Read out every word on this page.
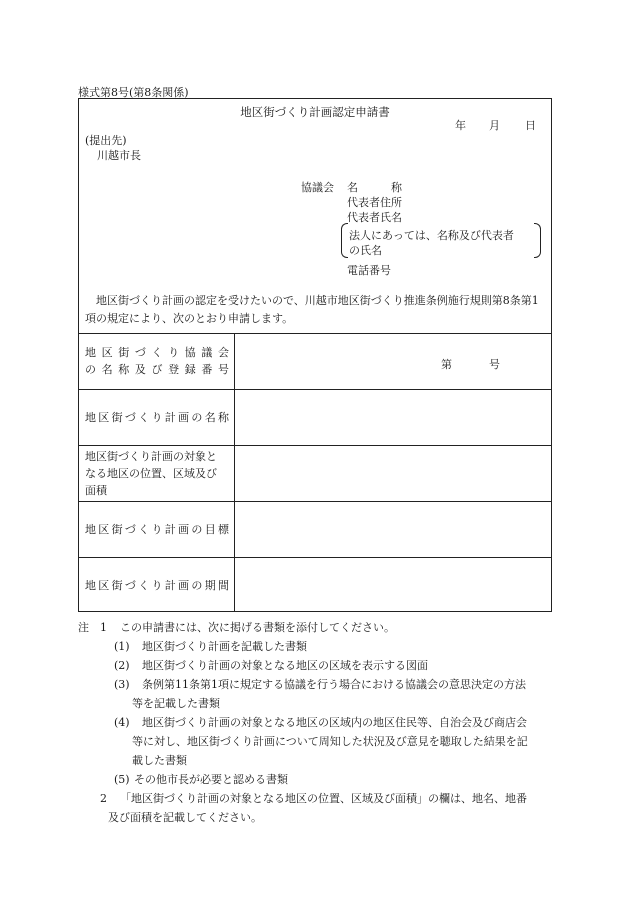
様式第8号(第8条関係)
地区街づくり計画認定申請書
年 月 日
(提出先)
川越市長
協議会 名　　　称
代表者住所
代表者氏名
法人にあっては、名称及び代表者
の氏名
電話番号
地区街づくり計画の認定を受けたいので、川越市地区街づくり推進条例施行規則第8条第1項の規定により、次のとおり申請します。
地区街づくり協議会
の名称及び登録番号	第	号
地区街づくり計画の名称
地区街づくり計画の対象と
なる地区の位置、区域及び
面積
地区街づくり計画の目標
地区街づくり計画の期間
注　1 この申請書には、次に掲げる書類を添付してください。
(1) 地区街づくり計画を記載した書類
(2) 地区街づくり計画の対象となる地区の区域を表示する図面
(3) 条例第11条第1項に規定する協議を行う場合における協議会の意思決定の方法
等を記載した書類
(4) 地区街づくり計画の対象となる地区の区域内の地区住民等、自治会及び商店会
等に対し、地区街づくり計画について周知した状況及び意見を聴取した結果を記
載した書類
(5) その他市長が必要と認める書類
2 「地区街づくり計画の対象となる地区の位置、区域及び面積」の欄は、地名、地番
及び面積を記載してください。
